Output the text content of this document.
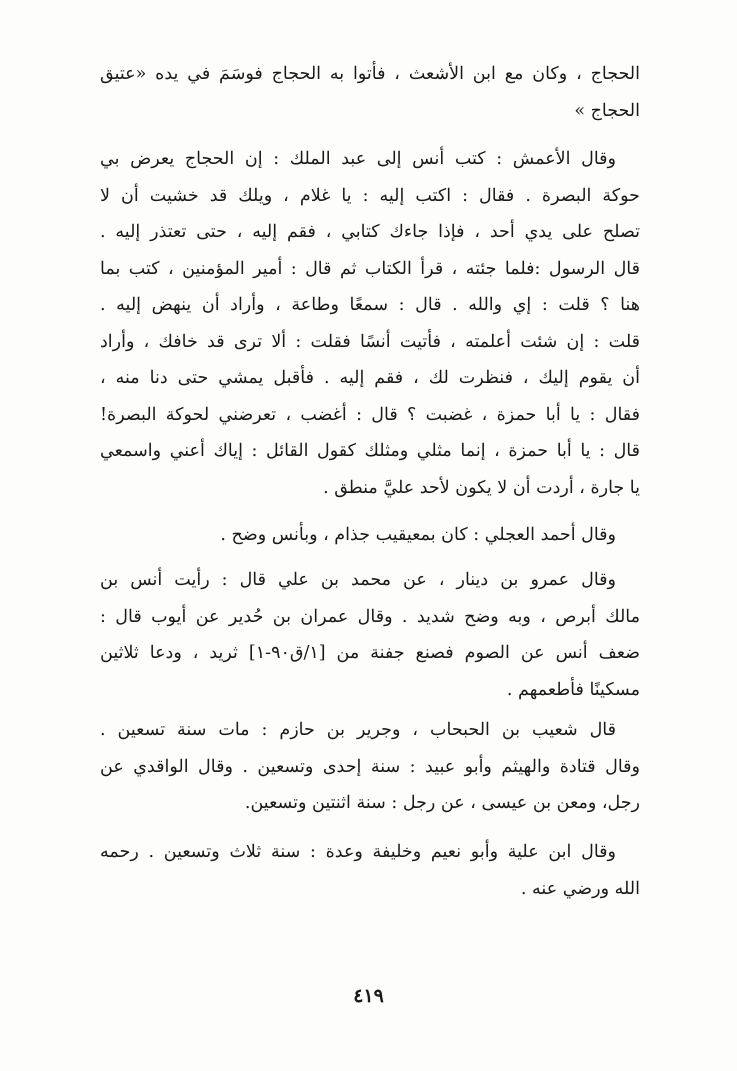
الحجاج ، وكان مع ابن الأشعث ، فأتوا به الحجاج فوسَمَ في يده «عتيق
الحجاج »
وقال الأعمش : كتب أنس إلى عبد الملك : إن الحجاج يعرض بي
حوكة البصرة . فقال : اكتب إليه : يا غلام ، ويلك قد خشيت أن لا
تصلح على يدي أحد ، فإذا جاءك كتابي ، فقم إليه ، حتى تعتذر إليه .
قال الرسول :فلما جئته ، قرأ الكتاب ثم قال : أمير المؤمنين ، كتب بما
هنا ؟ قلت : إي والله . قال : سمعًا وطاعة ، وأراد أن ينهض إليه .
قلت : إن شئت أعلمته ، فأتيت أنسًا فقلت : ألا ترى قد خافك ، وأراد
أن يقوم إليك ، فنظرت لك ، فقم إليه . فأقبل يمشي حتى دنا منه ،
فقال : يا أبا حمزة ، غضبت ؟ قال : أغضب ، تعرضني لحوكة البصرة!
قال : يا أبا حمزة ، إنما مثلي ومثلك كقول القائل : إياك أعني واسمعي
يا جارة ، أردت أن لا يكون لأحد عليَّ منطق .
وقال أحمد العجلي : كان بمعيقيب جذام ، وبأنس وضح .
وقال عمرو بن دينار ، عن محمد بن علي قال : رأيت أنس بن
مالك أبرص ، وبه وضح شديد . وقال عمران بن حُدير عن أيوب قال :
ضعف أنس عن الصوم فصنع جفنة من [١/ق٩٠-١] ثريد ، ودعا ثلاثين
مسكينًا فأطعمهم .
قال شعيب بن الحبحاب ، وجرير بن حازم : مات سنة تسعين .
وقال قتادة والهيثم وأبو عبيد : سنة إحدى وتسعين . وقال الواقدي عن
رجل، ومعن بن عيسى ، عن رجل : سنة اثنتين وتسعين.
وقال ابن علية وأبو نعيم وخليفة وعدة : سنة ثلاث وتسعين . رحمه
الله ورضي عنه .
٤١٩
